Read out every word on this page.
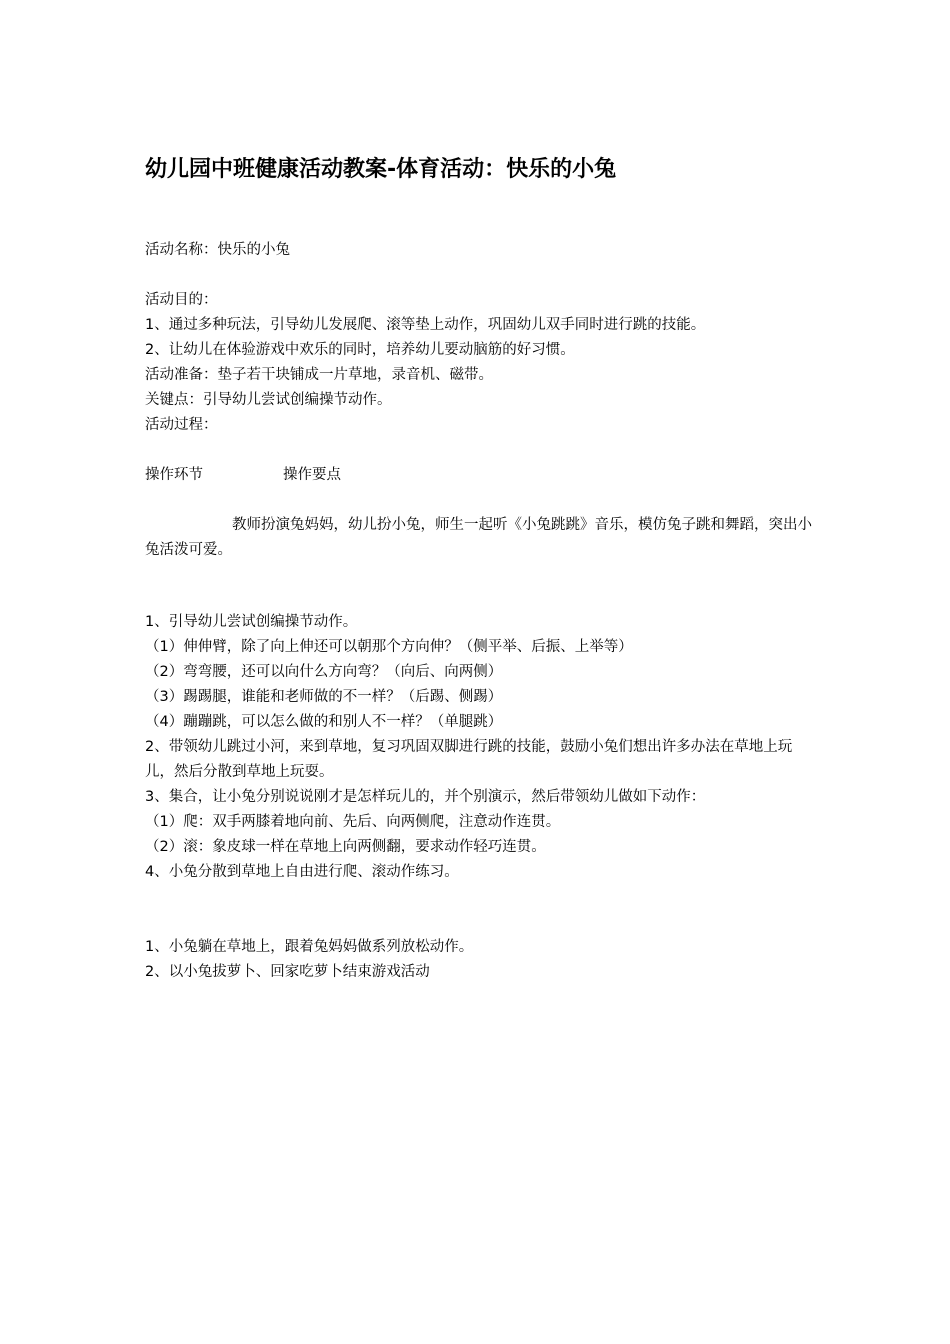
幼儿园中班健康活动教案-体育活动：快乐的小兔
活动名称：快乐的小兔
活动目的：
1、通过多种玩法，引导幼儿发展爬、滚等垫上动作，巩固幼儿双手同时进行跳的技能。
2、让幼儿在体验游戏中欢乐的同时，培养幼儿要动脑筋的好习惯。
活动准备：垫子若干块铺成一片草地，录音机、磁带。
关键点：引导幼儿尝试创编操节动作。
活动过程：
操作环节	操作要点
教师扮演兔妈妈，幼儿扮小兔，师生一起听《小兔跳跳》音乐，模仿兔子跳和舞蹈，突出小兔活泼可爱。
1、引导幼儿尝试创编操节动作。
（1）伸伸臂，除了向上伸还可以朝那个方向伸？（侧平举、后振、上举等）
（2）弯弯腰，还可以向什么方向弯？（向后、向两侧）
（3）踢踢腿，谁能和老师做的不一样？（后踢、侧踢）
（4）蹦蹦跳，可以怎么做的和别人不一样？（单腿跳）
2、带领幼儿跳过小河，来到草地，复习巩固双脚进行跳的技能，鼓励小兔们想出许多办法在草地上玩儿，然后分散到草地上玩耍。
3、集合，让小兔分别说说刚才是怎样玩儿的，并个别演示，然后带领幼儿做如下动作：
（1）爬：双手两膝着地向前、先后、向两侧爬，注意动作连贯。
（2）滚：象皮球一样在草地上向两侧翻，要求动作轻巧连贯。
4、小兔分散到草地上自由进行爬、滚动作练习。
1、小兔躺在草地上，跟着兔妈妈做系列放松动作。
2、以小兔拔萝卜、回家吃萝卜结束游戏活动
